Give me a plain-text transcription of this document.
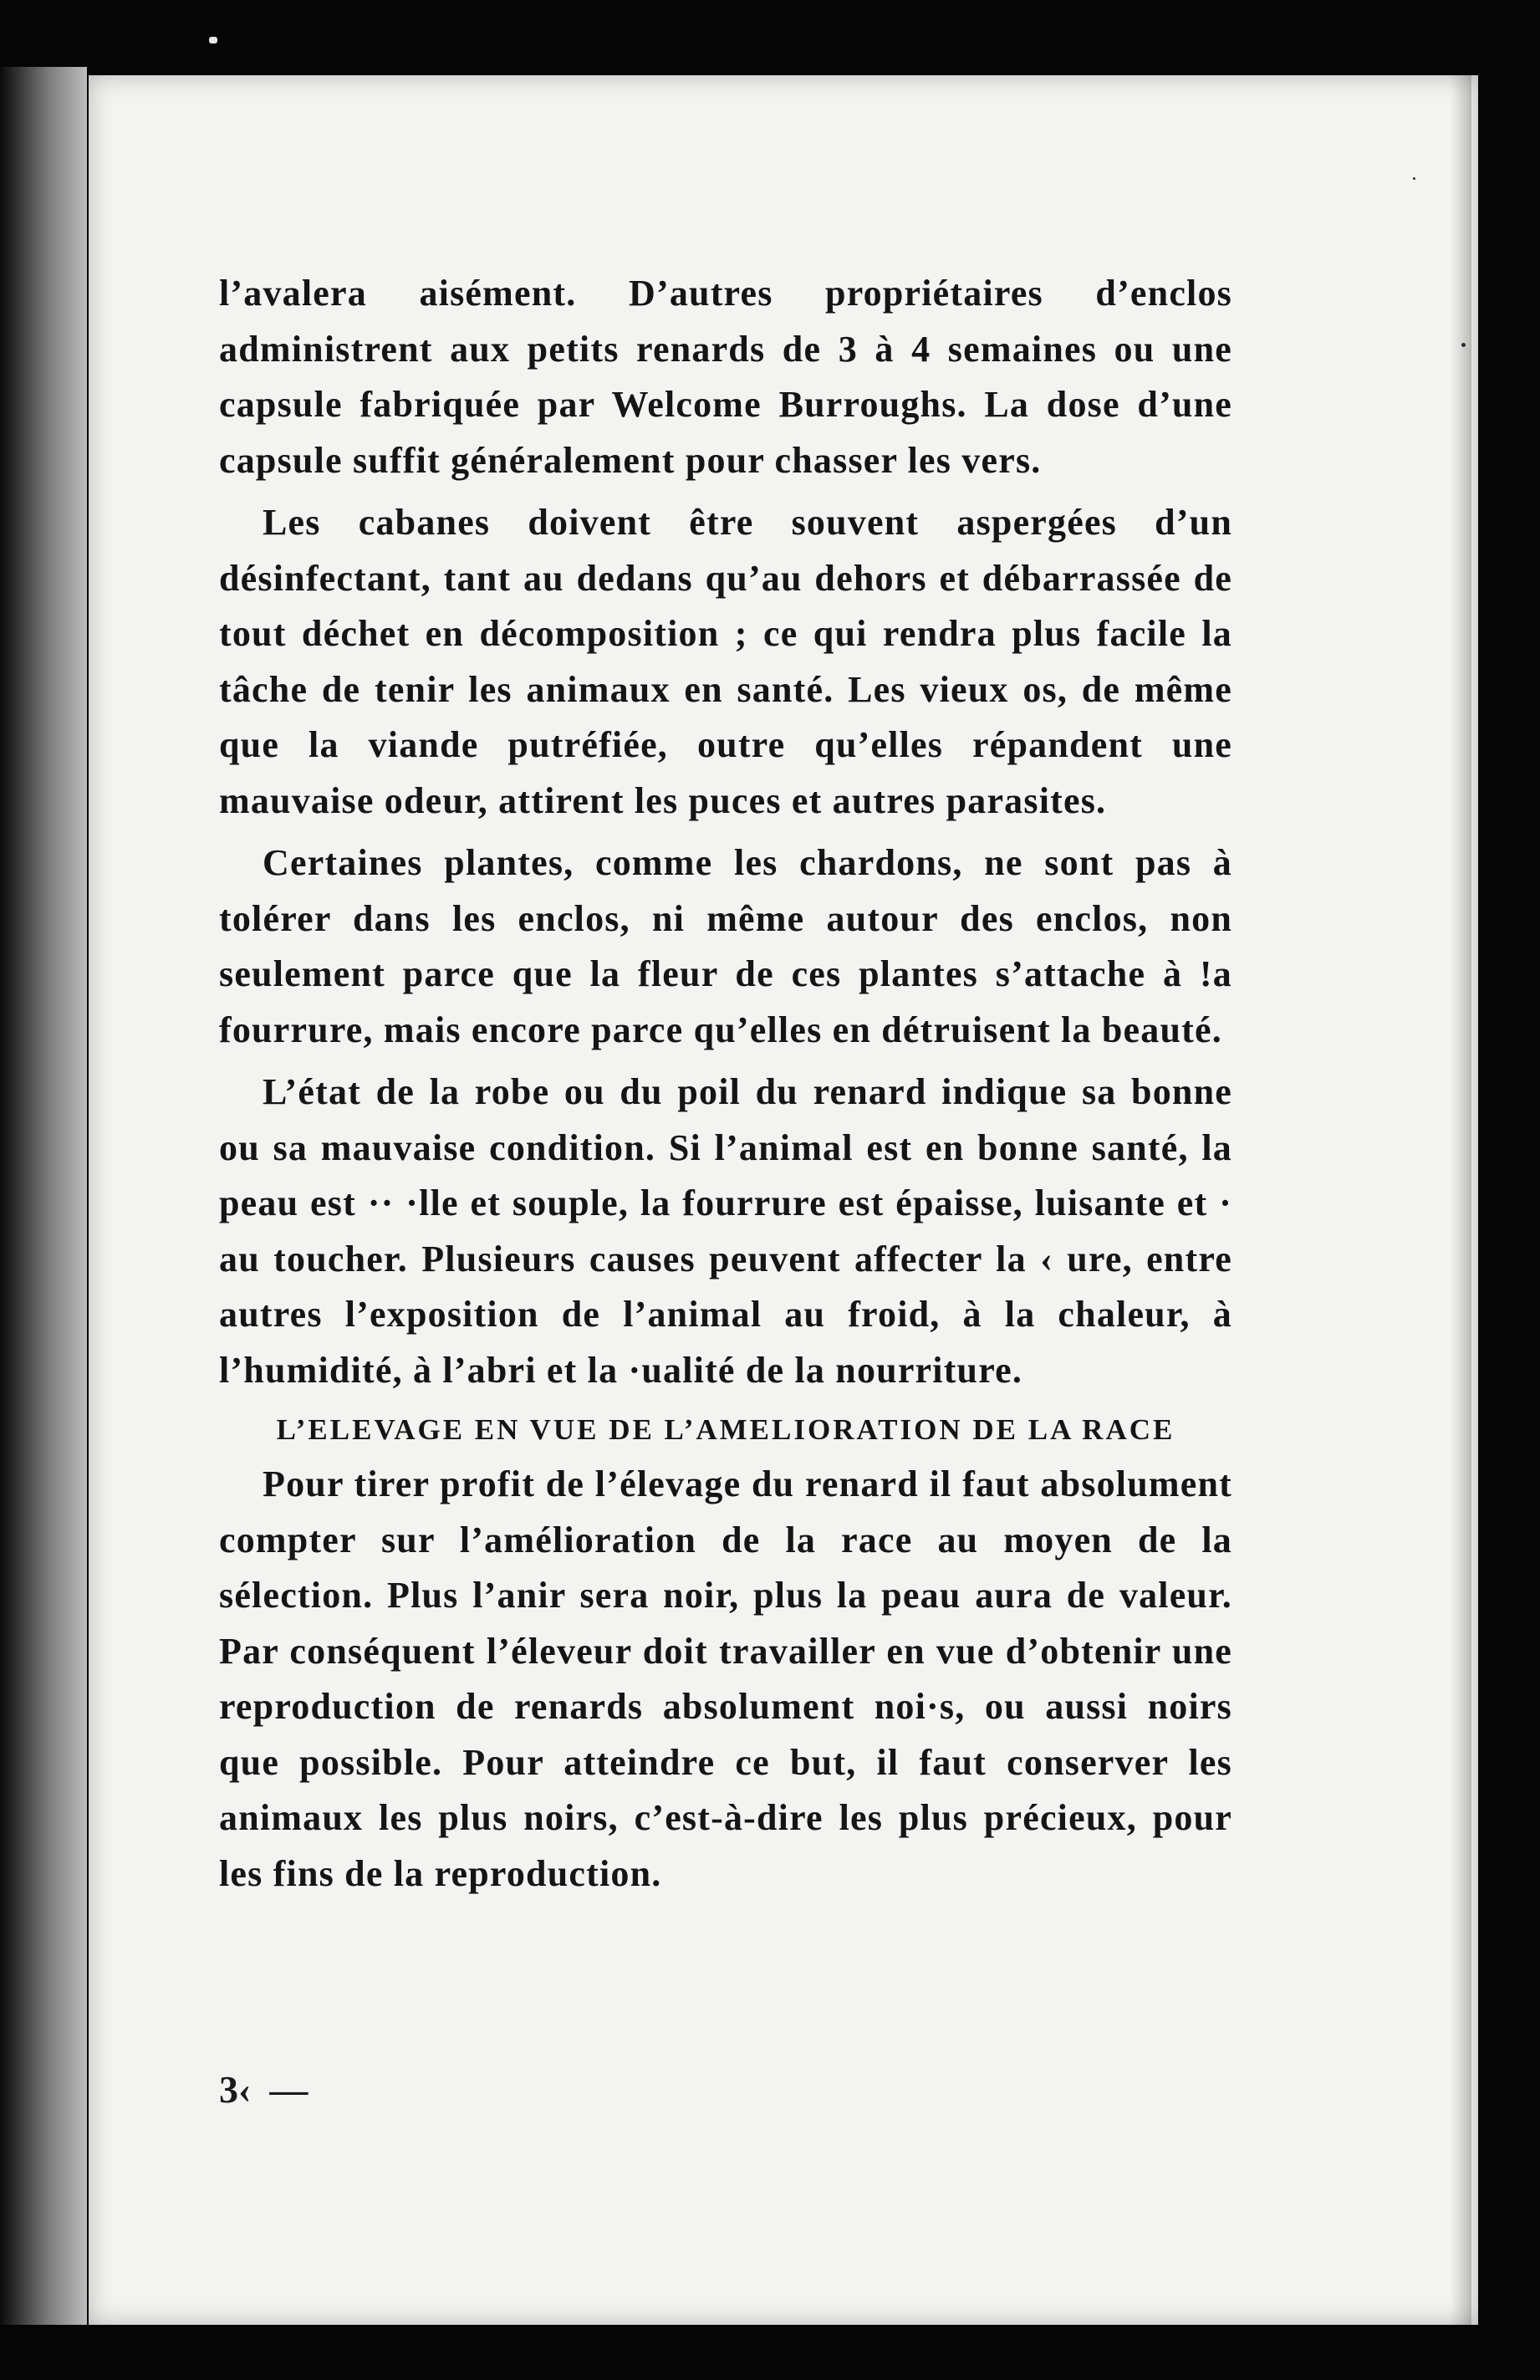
l’avalera aisément. D’autres propriétaires d’enclos administrent aux petits renards de 3 à 4 semaines ou une capsule fabriquée par Welcome Burroughs. La dose d’une capsule suffit généralement pour chasser les vers.

Les cabanes doivent être souvent aspergées d’un désinfectant, tant au dedans qu’au dehors et débarrassée de tout déchet en décomposition ; ce qui rendra plus facile la tâche de tenir les animaux en santé. Les vieux os, de même que la viande putréfiée, outre qu’elles répandent une mauvaise odeur, attirent les puces et autres parasites.

Certaines plantes, comme les chardons, ne sont pas à tolérer dans les enclos, ni même autour des enclos, non seulement parce que la fleur de ces plantes s’attache à !a fourrure, mais encore parce qu’elles en détruisent la beauté.

L’état de la robe ou du poil du renard indique sa bonne ou sa mauvaise condition. Si l’animal est en bonne santé, la peau est ·· ·lle et souple, la fourrure est épaisse, luisante et · au toucher. Plusieurs causes peuvent affecter la ‹ ure, entre autres l’exposition de l’animal au froid, à la chaleur, à l’humidité, à l’abri et la ·ualité de la nourriture.

L’ELEVAGE EN VUE DE L’AMELIORATION DE LA RACE

Pour tirer profit de l’élevage du renard il faut absolument compter sur l’amélioration de la race au moyen de la sélection. Plus l’anir sera noir, plus la peau aura de valeur. Par conséquent l’éleveur doit travailler en vue d’obtenir une reproduction de renards absolument noi·s, ou aussi noirs que possible. Pour atteindre ce but, il faut conserver les animaux les plus noirs, c’est-à-dire les plus précieux, pour les fins de la reproduction.

3‹ —
